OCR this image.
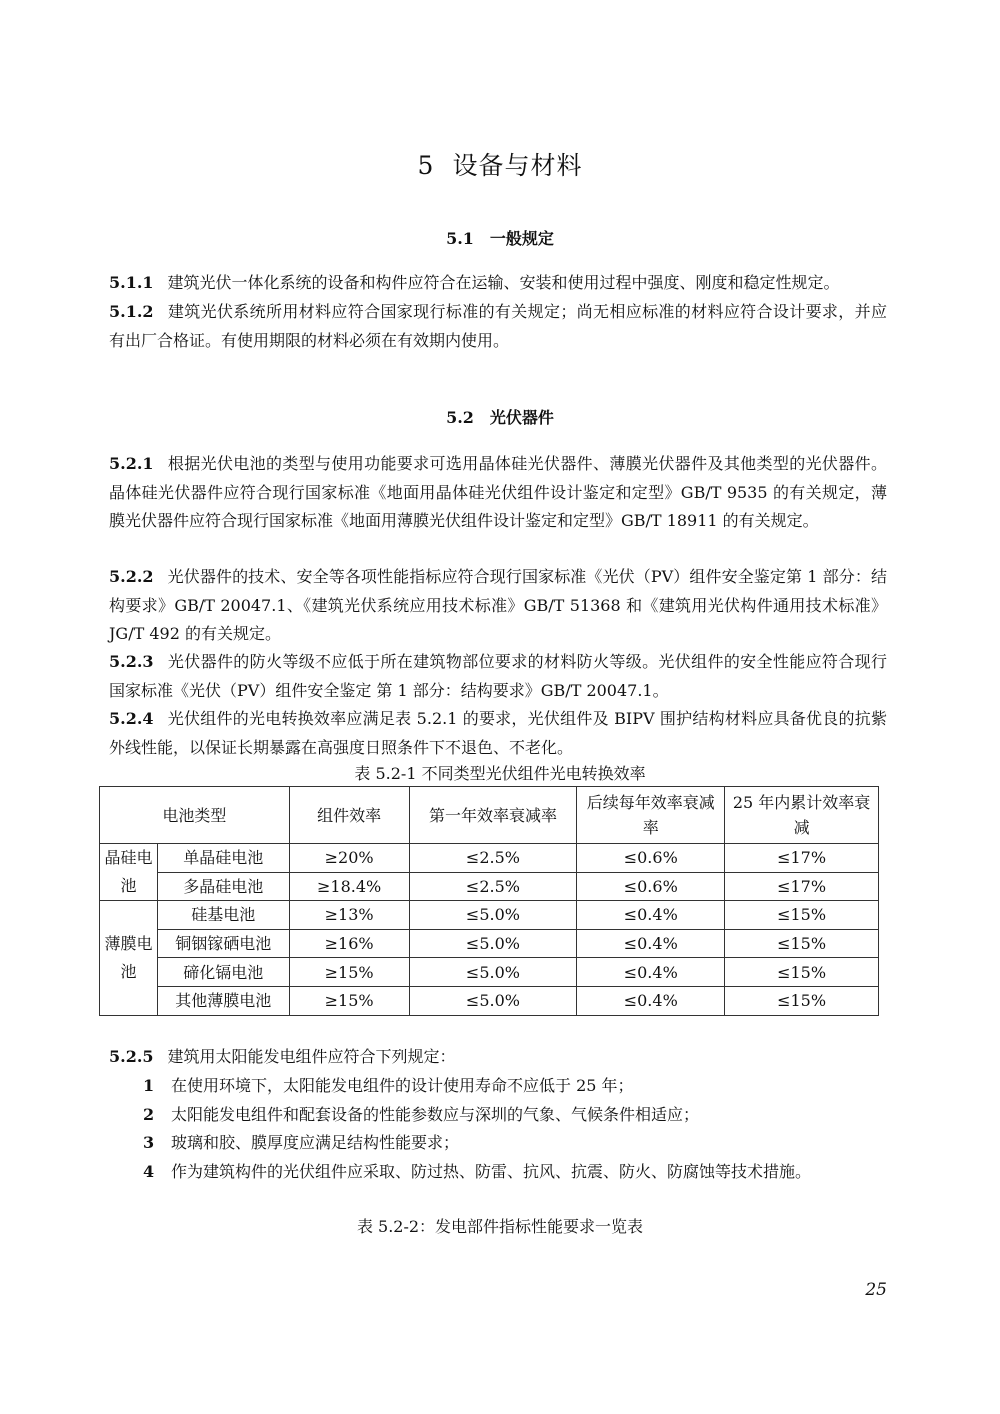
5 设备与材料
5.1 一般规定
5.1.1 建筑光伏一体化系统的设备和构件应符合在运输、安装和使用过程中强度、刚度和稳定性规定。
5.1.2 建筑光伏系统所用材料应符合国家现行标准的有关规定；尚无相应标准的材料应符合设计要求，并应有出厂合格证。有使用期限的材料必须在有效期内使用。
5.2 光伏器件
5.2.1 根据光伏电池的类型与使用功能要求可选用晶体硅光伏器件、薄膜光伏器件及其他类型的光伏器件。晶体硅光伏器件应符合现行国家标准《地面用晶体硅光伏组件设计鉴定和定型》GB/T 9535 的有关规定，薄膜光伏器件应符合现行国家标准《地面用薄膜光伏组件设计鉴定和定型》GB/T 18911 的有关规定。
5.2.2 光伏器件的技术、安全等各项性能指标应符合现行国家标准《光伏（PV）组件安全鉴定第 1 部分：结构要求》GB/T 20047.1、《建筑光伏系统应用技术标准》GB/T 51368 和《建筑用光伏构件通用技术标准》JG/T 492 的有关规定。
5.2.3 光伏器件的防火等级不应低于所在建筑物部位要求的材料防火等级。光伏组件的安全性能应符合现行国家标准《光伏（PV）组件安全鉴定 第 1 部分：结构要求》GB/T 20047.1。
5.2.4 光伏组件的光电转换效率应满足表 5.2.1 的要求，光伏组件及 BIPV 围护结构材料应具备优良的抗紫外线性能，以保证长期暴露在高强度日照条件下不退色、不老化。
表 5.2-1 不同类型光伏组件光电转换效率
电池类型		组件效率	第一年效率衰减率	后续每年效率衰减率	25 年内累计效率衰减
晶硅电池	单晶硅电池	≥20%	≤2.5%	≤0.6%	≤17%
	多晶硅电池	≥18.4%	≤2.5%	≤0.6%	≤17%
薄膜电池	硅基电池	≥13%	≤5.0%	≤0.4%	≤15%
	铜铟镓硒电池	≥16%	≤5.0%	≤0.4%	≤15%
	碲化镉电池	≥15%	≤5.0%	≤0.4%	≤15%
	其他薄膜电池	≥15%	≤5.0%	≤0.4%	≤15%
5.2.5 建筑用太阳能发电组件应符合下列规定：
1 在使用环境下，太阳能发电组件的设计使用寿命不应低于 25 年；
2 太阳能发电组件和配套设备的性能参数应与深圳的气象、气候条件相适应；
3 玻璃和胶、膜厚度应满足结构性能要求；
4 作为建筑构件的光伏组件应采取、防过热、防雷、抗风、抗震、防火、防腐蚀等技术措施。
表 5.2-2：发电部件指标性能要求一览表
25
